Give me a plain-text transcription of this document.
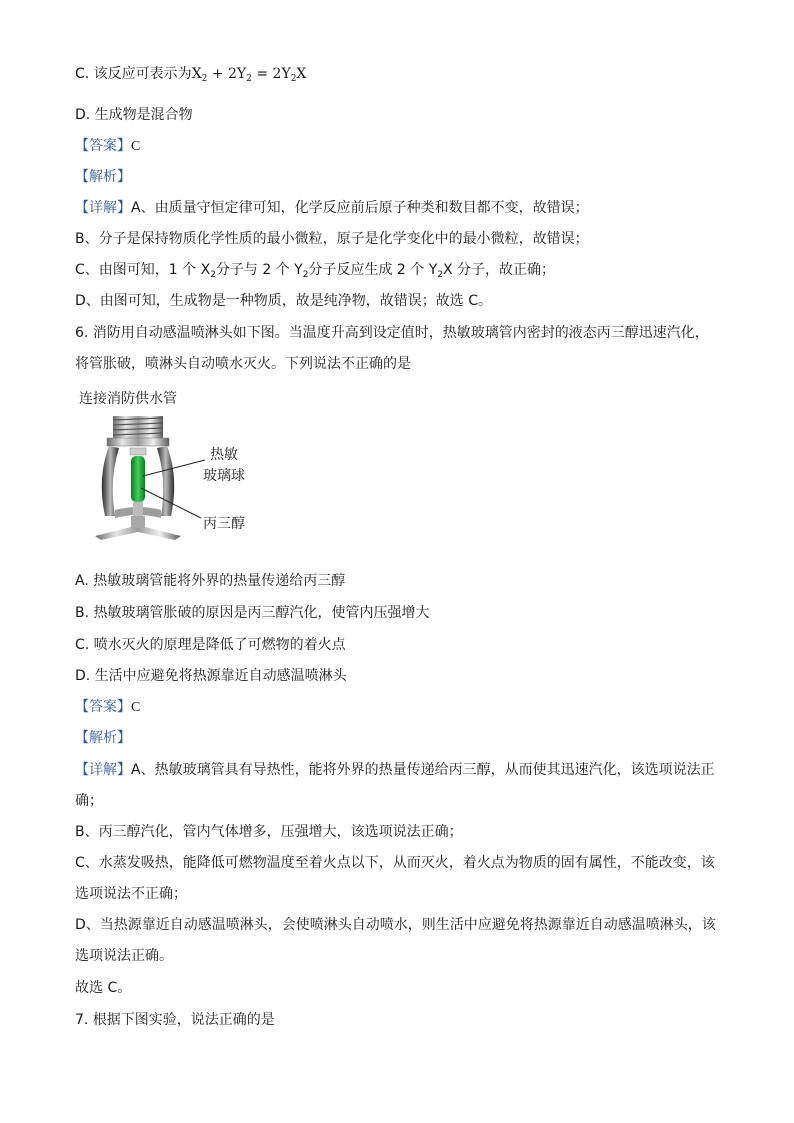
C. 该反应可表示为$X_2 + 2Y_2 = 2Y_2X$
D. 生成物是混合物
【答案】C
【解析】
【详解】A、由质量守恒定律可知，化学反应前后原子种类和数目都不变，故错误；
B、分子是保持物质化学性质的最小微粒，原子是化学变化中的最小微粒，故错误；
C、由图可知，1 个 $X_2$分子与 2 个 $Y_2$分子反应生成 2 个 $Y_2X$ 分子，故正确；
D、由图可知，生成物是一种物质，故是纯净物，故错误；故选 C。
6. 消防用自动感温喷淋头如下图。当温度升高到设定值时，热敏玻璃管内密封的液态丙三醇迅速汽化，
将管胀破，喷淋头自动喷水灭火。下列说法不正确的是
连接消防供水管
热敏
玻璃球
丙三醇
A. 热敏玻璃管能将外界的热量传递给丙三醇
B. 热敏玻璃管胀破的原因是丙三醇汽化，使管内压强增大
C. 喷水灭火的原理是降低了可燃物的着火点
D. 生活中应避免将热源靠近自动感温喷淋头
【答案】C
【解析】
【详解】A、热敏玻璃管具有导热性，能将外界的热量传递给丙三醇，从而使其迅速汽化，该选项说法正
确；
B、丙三醇汽化，管内气体增多，压强增大，该选项说法正确；
C、水蒸发吸热，能降低可燃物温度至着火点以下，从而灭火，着火点为物质的固有属性，不能改变，该
选项说法不正确；
D、当热源靠近自动感温喷淋头，会使喷淋头自动喷水，则生活中应避免将热源靠近自动感温喷淋头，该
选项说法正确。
故选 C。
7. 根据下图实验，说法正确的是
